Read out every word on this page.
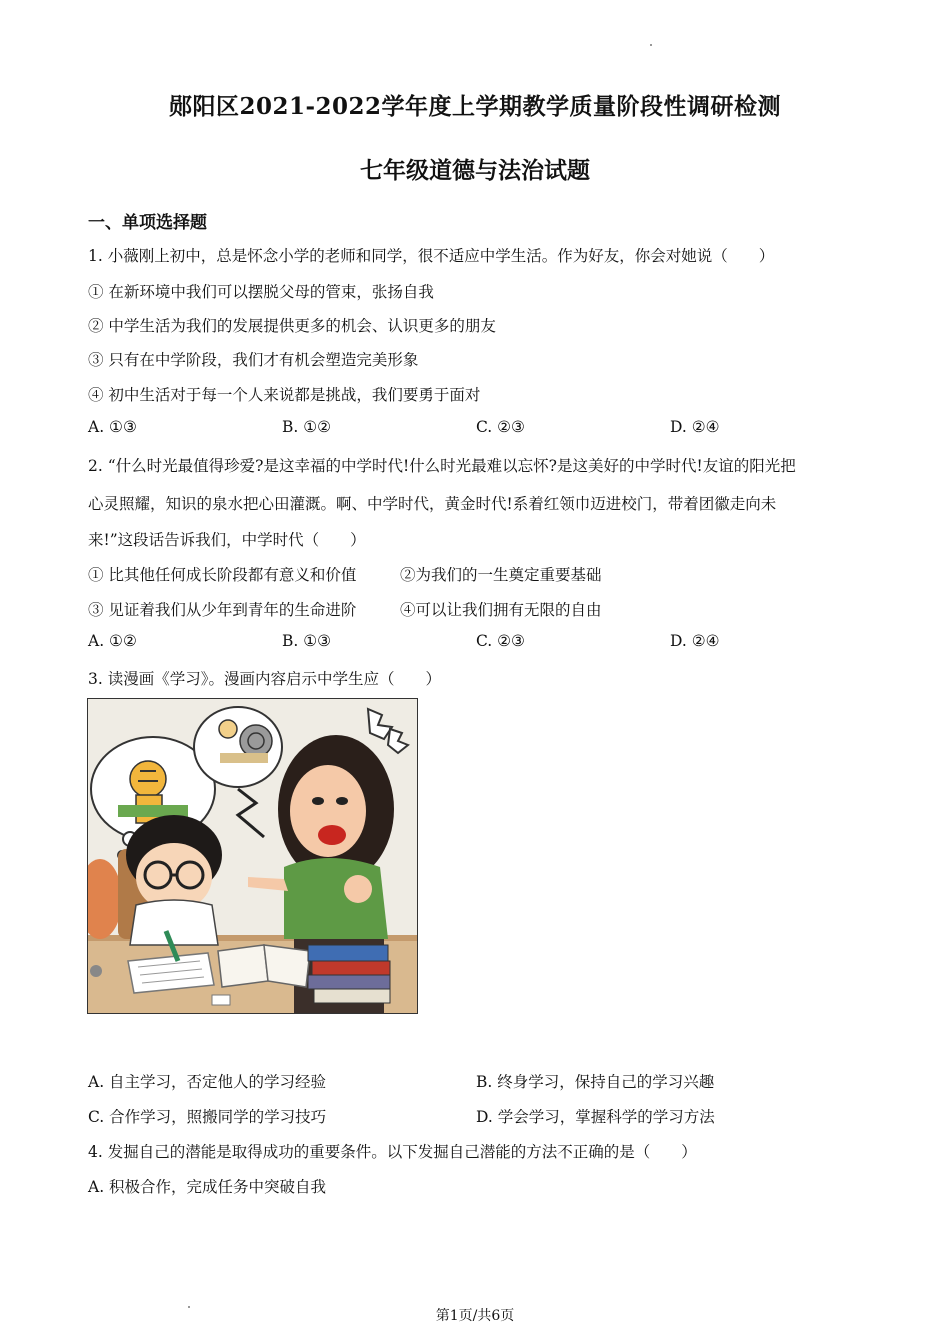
郧阳区2021-2022学年度上学期教学质量阶段性调研检测
七年级道德与法治试题
一、单项选择题
1. 小薇刚上初中，总是怀念小学的老师和同学，很不适应中学生活。作为好友，你会对她说（　　）
① 在新环境中我们可以摆脱父母的管束，张扬自我
② 中学生活为我们的发展提供更多的机会、认识更多的朋友
③ 只有在中学阶段，我们才有机会塑造完美形象
④ 初中生活对于每一个人来说都是挑战，我们要勇于面对
A. ①③	B. ①②	C. ②③	D. ②④
2. “什么时光最值得珍爱?是这幸福的中学时代!什么时光最难以忘怀?是这美好的中学时代!友谊的阳光把
心灵照耀，知识的泉水把心田灌溉。啊、中学时代，黄金时代!系着红领巾迈进校门，带着团徽走向未
来!”这段话告诉我们，中学时代（　　）
① 比其他任何成长阶段都有意义和价值	②为我们的一生奠定重要基础
③ 见证着我们从少年到青年的生命进阶	④可以让我们拥有无限的自由
A. ①②	B. ①③	C. ②③	D. ②④
3. 读漫画《学习》。漫画内容启示中学生应（　　）
A. 自主学习，否定他人的学习经验	B. 终身学习，保持自己的学习兴趣
C. 合作学习，照搬同学的学习技巧	D. 学会学习，掌握科学的学习方法
4. 发掘自己的潜能是取得成功的重要条件。以下发掘自己潜能的方法不正确的是（　　）
A. 积极合作，完成任务中突破自我
第1页/共6页
